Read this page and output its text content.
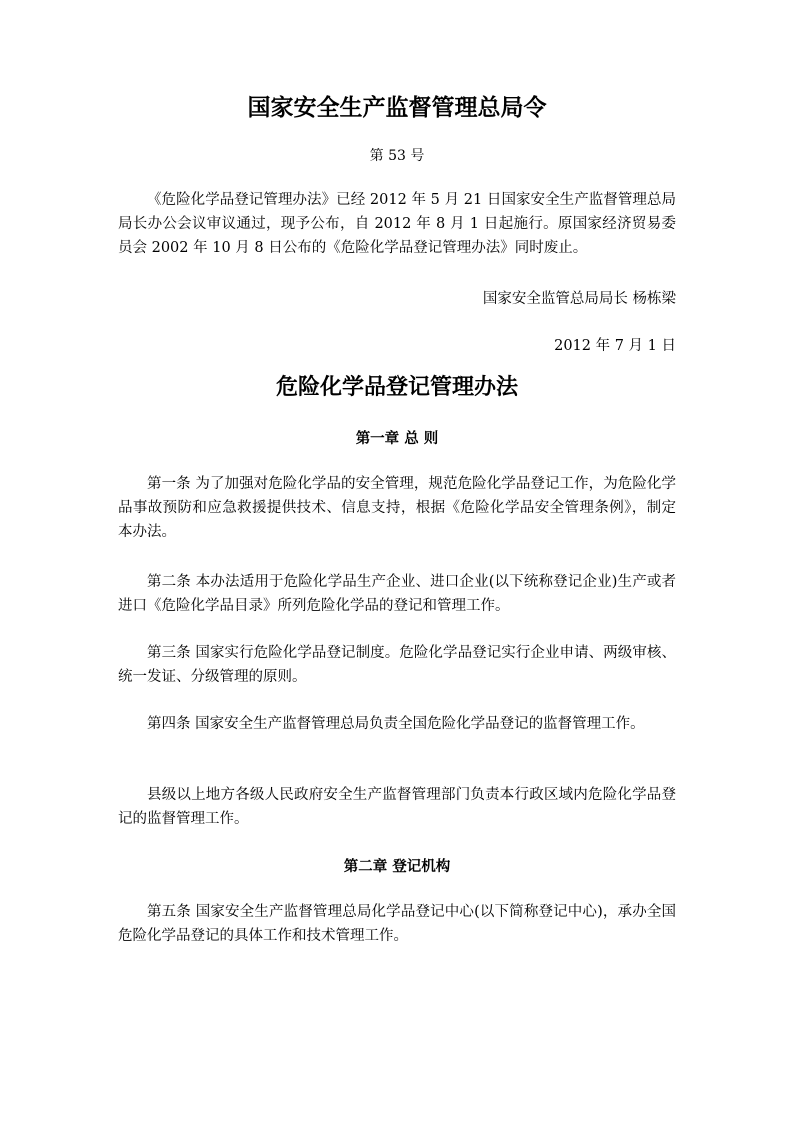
国家安全生产监督管理总局令
第 53 号
《危险化学品登记管理办法》已经 2012 年 5 月 21 日国家安全生产监督管理总局局长办公会议审议通过，现予公布，自 2012 年 8 月 1 日起施行。原国家经济贸易委员会 2002 年 10 月 8 日公布的《危险化学品登记管理办法》同时废止。
国家安全监管总局局长 杨栋梁
2012 年 7 月 1 日
危险化学品登记管理办法
第一章 总 则
第一条 为了加强对危险化学品的安全管理，规范危险化学品登记工作，为危险化学品事故预防和应急救援提供技术、信息支持，根据《危险化学品安全管理条例》，制定本办法。
第二条 本办法适用于危险化学品生产企业、进口企业(以下统称登记企业)生产或者进口《危险化学品目录》所列危险化学品的登记和管理工作。
第三条 国家实行危险化学品登记制度。危险化学品登记实行企业申请、两级审核、统一发证、分级管理的原则。
第四条 国家安全生产监督管理总局负责全国危险化学品登记的监督管理工作。
县级以上地方各级人民政府安全生产监督管理部门负责本行政区域内危险化学品登记的监督管理工作。
第二章 登记机构
第五条 国家安全生产监督管理总局化学品登记中心(以下简称登记中心)，承办全国危险化学品登记的具体工作和技术管理工作。
